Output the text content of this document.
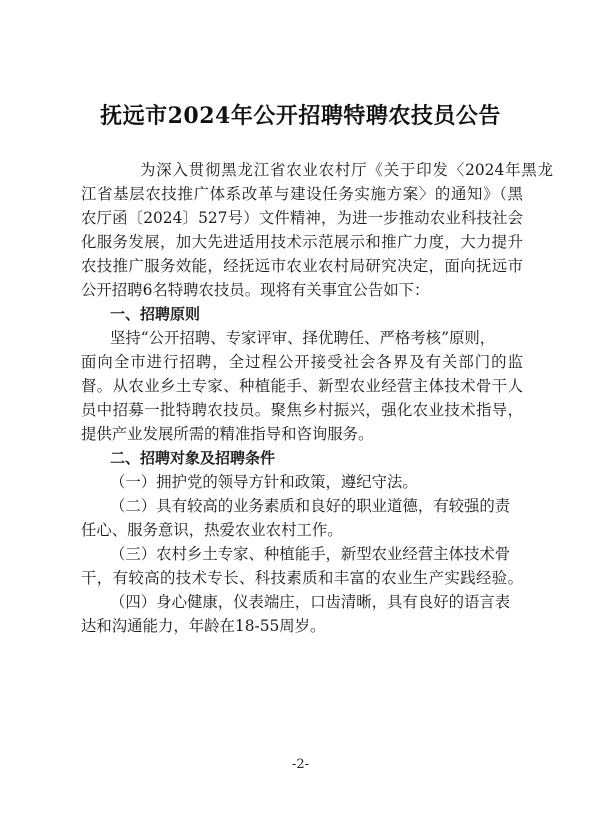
抚远市2024年公开招聘特聘农技员公告
为深入贯彻黑龙江省农业农村厅《关于印发〈2024年黑龙
江省基层农技推广体系改革与建设任务实施方案〉的通知》（黑
农厅函〔2024〕527号）文件精神，为进一步推动农业科技社会
化服务发展，加大先进适用技术示范展示和推广力度，大力提升
农技推广服务效能，经抚远市农业农村局研究决定，面向抚远市
公开招聘6名特聘农技员。现将有关事宜公告如下：
一、招聘原则
坚持“公开招聘、专家评审、择优聘任、严格考核”原则，
面向全市进行招聘，全过程公开接受社会各界及有关部门的监
督。从农业乡土专家、种植能手、新型农业经营主体技术骨干人
员中招募一批特聘农技员。聚焦乡村振兴，强化农业技术指导，
提供产业发展所需的精准指导和咨询服务。
二、招聘对象及招聘条件
（一）拥护党的领导方针和政策，遵纪守法。
（二）具有较高的业务素质和良好的职业道德，有较强的责
任心、服务意识，热爱农业农村工作。
（三）农村乡土专家、种植能手，新型农业经营主体技术骨
干，有较高的技术专长、科技素质和丰富的农业生产实践经验。
（四）身心健康，仪表端庄，口齿清晰，具有良好的语言表
达和沟通能力，年龄在18-55周岁。
-2-
